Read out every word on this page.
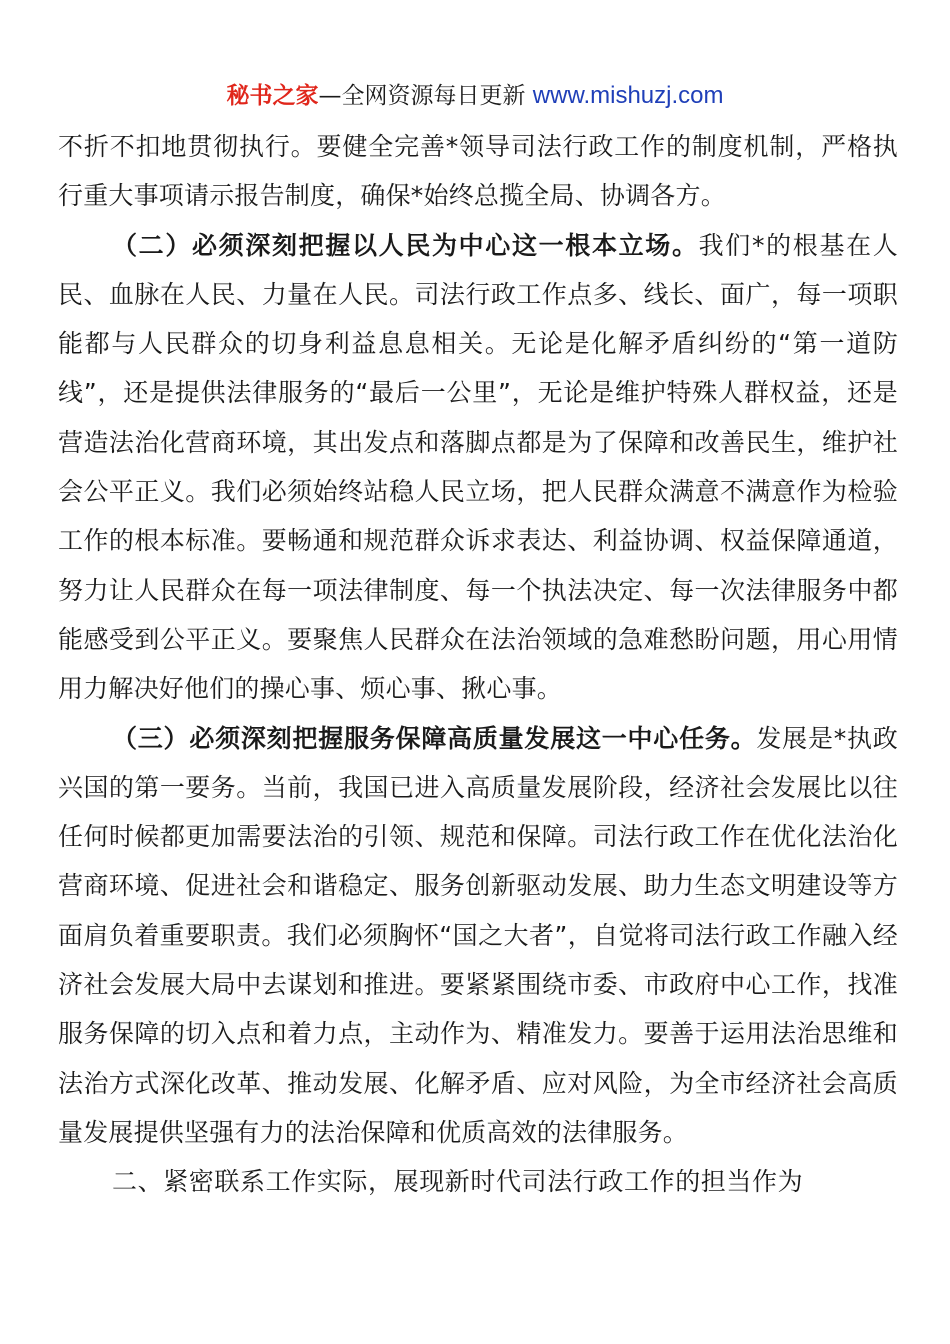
秘书之家—全网资源每日更新 www.mishuzj.com

不折不扣地贯彻执行。要健全完善*领导司法行政工作的制度机制，严格执行重大事项请示报告制度，确保*始终总揽全局、协调各方。

（二）必须深刻把握以人民为中心这一根本立场。我们*的根基在人民、血脉在人民、力量在人民。司法行政工作点多、线长、面广，每一项职能都与人民群众的切身利益息息相关。无论是化解矛盾纠纷的“第一道防线”，还是提供法律服务的“最后一公里”，无论是维护特殊人群权益，还是营造法治化营商环境，其出发点和落脚点都是为了保障和改善民生，维护社会公平正义。我们必须始终站稳人民立场，把人民群众满意不满意作为检验工作的根本标准。要畅通和规范群众诉求表达、利益协调、权益保障通道，努力让人民群众在每一项法律制度、每一个执法决定、每一次法律服务中都能感受到公平正义。要聚焦人民群众在法治领域的急难愁盼问题，用心用情用力解决好他们的操心事、烦心事、揪心事。

（三）必须深刻把握服务保障高质量发展这一中心任务。发展是*执政兴国的第一要务。当前，我国已进入高质量发展阶段，经济社会发展比以往任何时候都更加需要法治的引领、规范和保障。司法行政工作在优化法治化营商环境、促进社会和谐稳定、服务创新驱动发展、助力生态文明建设等方面肩负着重要职责。我们必须胸怀“国之大者”，自觉将司法行政工作融入经济社会发展大局中去谋划和推进。要紧紧围绕市委、市政府中心工作，找准服务保障的切入点和着力点，主动作为、精准发力。要善于运用法治思维和法治方式深化改革、推动发展、化解矛盾、应对风险，为全市经济社会高质量发展提供坚强有力的法治保障和优质高效的法律服务。

二、紧密联系工作实际，展现新时代司法行政工作的担当作为
